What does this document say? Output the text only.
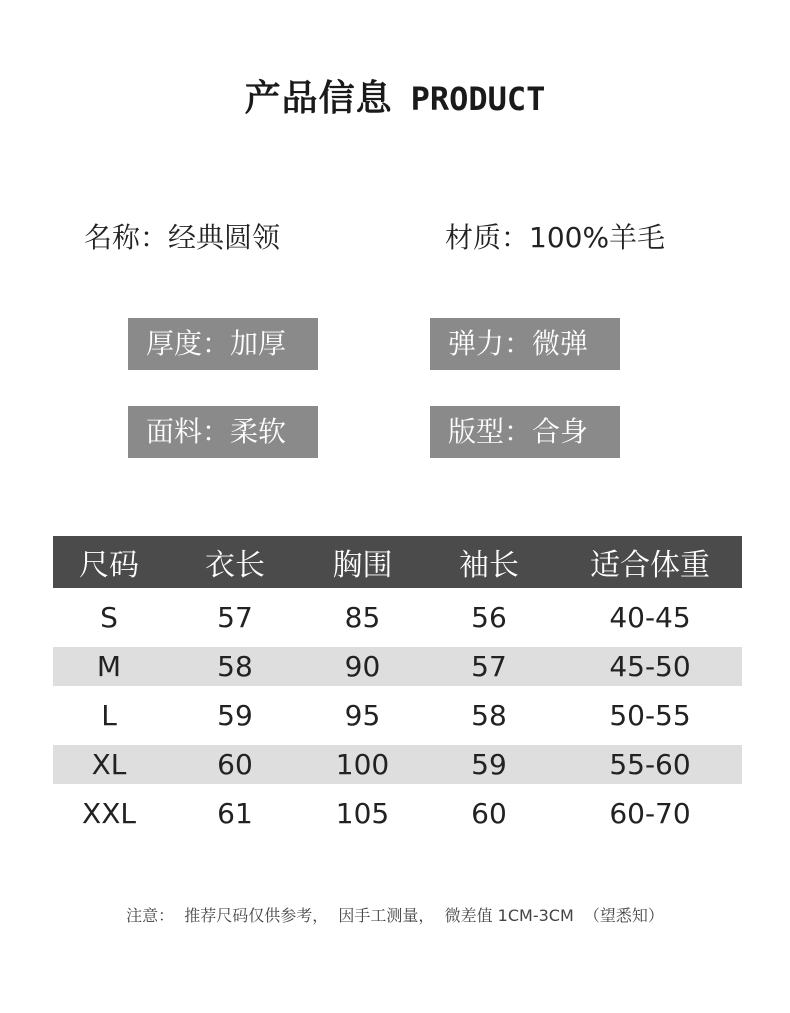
产品信息 PRODUCT
名称：经典圆领	材质：100%羊毛
厚度：加厚	弹力：微弹
面料：柔软	版型：合身
尺码	衣长	胸围	袖长	适合体重
S	57	85	56	40-45
M	58	90	57	45-50
L	59	95	58	50-55
XL	60	100	59	55-60
XXL	61	105	60	60-70
注意：  推荐尺码仅供参考，  因手工测量，  微差值 1CM-3CM  （望悉知）
